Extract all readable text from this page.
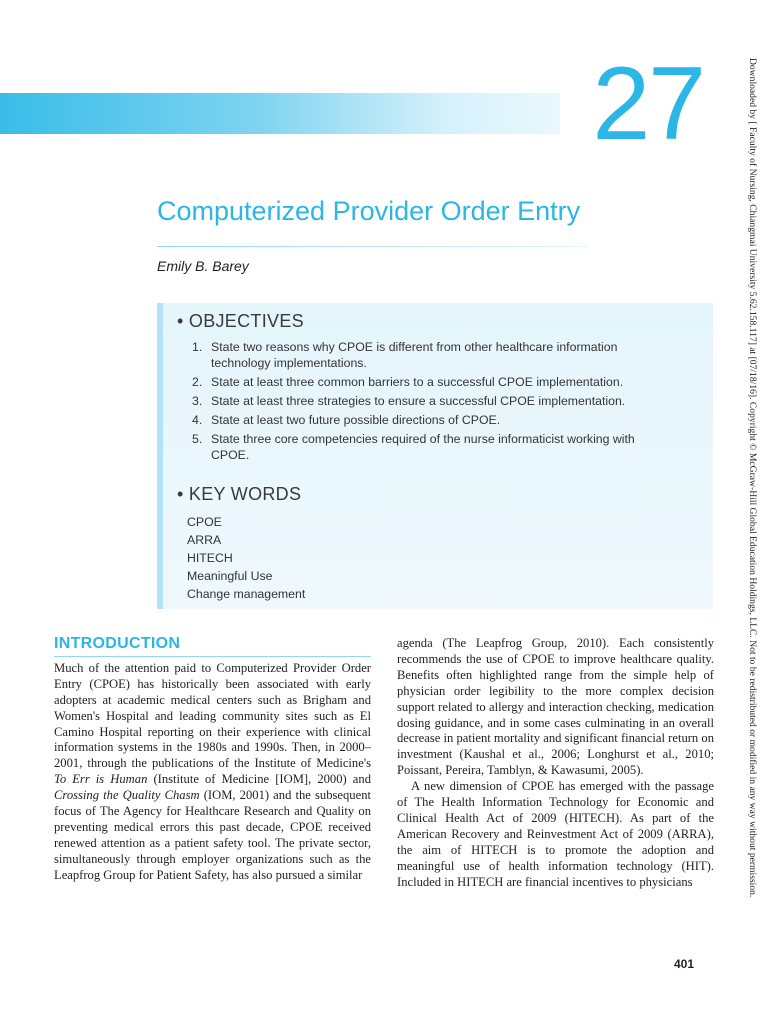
27
Computerized Provider Order Entry
Emily B. Barey
• OBJECTIVES
1. State two reasons why CPOE is different from other healthcare information technology implementations.
2. State at least three common barriers to a successful CPOE implementation.
3. State at least three strategies to ensure a successful CPOE implementation.
4. State at least two future possible directions of CPOE.
5. State three core competencies required of the nurse informaticist working with CPOE.
• KEY WORDS
CPOE
ARRA
HITECH
Meaningful Use
Change management
INTRODUCTION

Much of the attention paid to Computerized Provider Order Entry (CPOE) has historically been associated with early adopters at academic medical centers such as Brigham and Women's Hospital and leading community sites such as El Camino Hospital reporting on their experience with clinical information systems in the 1980s and 1990s. Then, in 2000–2001, through the publications of the Institute of Medicine's To Err is Human (Institute of Medicine [IOM], 2000) and Crossing the Quality Chasm (IOM, 2001) and the subsequent focus of The Agency for Healthcare Research and Quality on preventing medical errors this past decade, CPOE received renewed attention as a patient safety tool. The private sector, simultaneously through employer organizations such as the Leapfrog Group for Patient Safety, has also pursued a similar

agenda (The Leapfrog Group, 2010). Each consistently recommends the use of CPOE to improve healthcare quality. Benefits often highlighted range from the simple help of physician order legibility to the more complex decision support related to allergy and interaction checking, medication dosing guidance, and in some cases culminating in an overall decrease in patient mortality and significant financial return on investment (Kaushal et al., 2006; Longhurst et al., 2010; Poissant, Pereira, Tamblyn, & Kawasumi, 2005).

A new dimension of CPOE has emerged with the passage of The Health Information Technology for Economic and Clinical Health Act of 2009 (HITECH). As part of the American Recovery and Reinvestment Act of 2009 (ARRA), the aim of HITECH is to promote the adoption and meaningful use of health information technology (HIT). Included in HITECH are financial incentives to physicians

401
Downloaded by [ Faculty of Nursing, Chiangmai University 5.62.158.117] at [07/18/16]. Copyright © McGraw-Hill Global Education Holdings, LLC. Not to be redistributed or modified in any way without permission.
